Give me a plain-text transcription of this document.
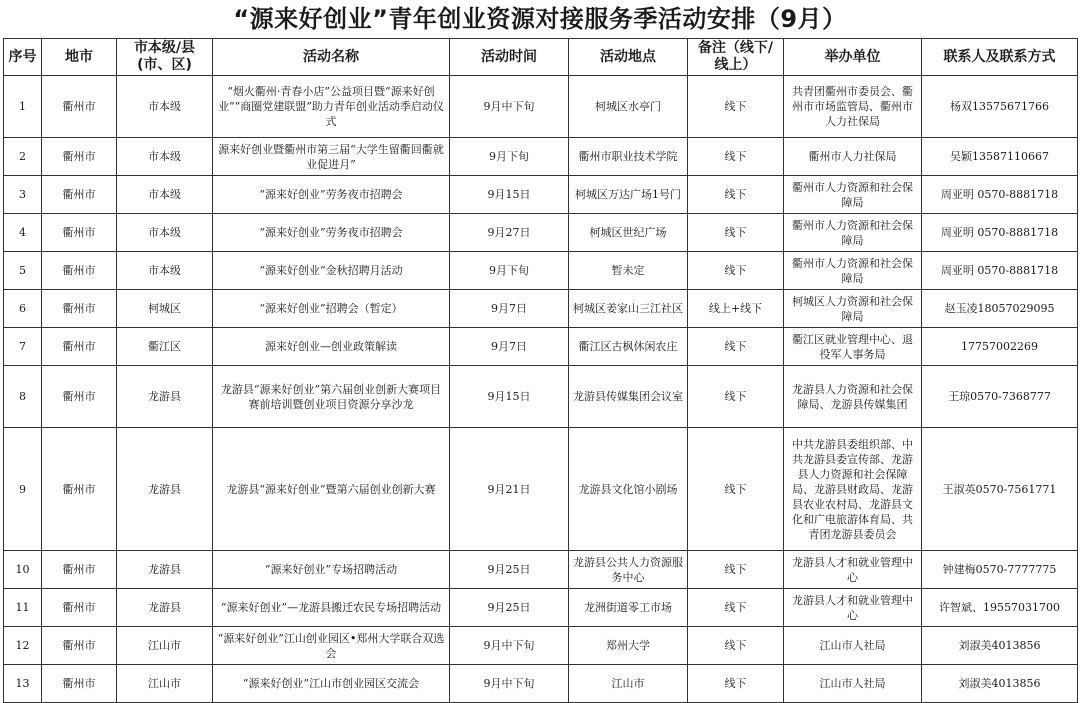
“源来好创业”青年创业资源对接服务季活动安排（9月）
序号	地市	市本级/县(市、区)	活动名称	活动时间	活动地点	备注（线下/线上）	举办单位	联系人及联系方式
1	衢州市	市本级	“烟火衢州·青春小店”公益项目暨“源来好创业”“商圈党建联盟”助力青年创业活动季启动仪式	9月中下旬	柯城区水亭门	线下	共青团衢州市委员会、衢州市市场监管局、衢州市人力社保局	杨双13575671766
2	衢州市	市本级	源来好创业暨衢州市第三届“大学生留衢回衢就业促进月”	9月下旬	衢州市职业技术学院	线下	衢州市人力社保局	吴颖13587110667
3	衢州市	市本级	“源来好创业”劳务夜市招聘会	9月15日	柯城区万达广场1号门	线下	衢州市人力资源和社会保障局	周亚明 0570-8881718
4	衢州市	市本级	“源来好创业”劳务夜市招聘会	9月27日	柯城区世纪广场	线下	衢州市人力资源和社会保障局	周亚明 0570-8881718
5	衢州市	市本级	“源来好创业”金秋招聘月活动	9月下旬	暂未定	线下	衢州市人力资源和社会保障局	周亚明 0570-8881718
6	衢州市	柯城区	“源来好创业”招聘会（暂定）	9月7日	柯城区姜家山三江社区	线上+线下	柯城区人力资源和社会保障局	赵玉凌18057029095
7	衢州市	衢江区	源来好创业—创业政策解读	9月7日	衢江区古枫休闲农庄	线下	衢江区就业管理中心、退役军人事务局	17757002269
8	衢州市	龙游县	龙游县“源来好创业”第六届创业创新大赛项目赛前培训暨创业项目资源分享沙龙	9月15日	龙游县传媒集团会议室	线下	龙游县人力资源和社会保障局、龙游县传媒集团	王琼0570-7368777
9	衢州市	龙游县	龙游县“源来好创业”暨第六届创业创新大赛	9月21日	龙游县文化馆小剧场	线下	中共龙游县委组织部、中共龙游县委宣传部、龙游县人力资源和社会保障局、龙游县财政局、龙游县农业农村局、龙游县文化和广电旅游体育局、共青团龙游县委员会	王淑英0570-7561771
10	衢州市	龙游县	“源来好创业”专场招聘活动	9月25日	龙游县公共人力资源服务中心	线下	龙游县人才和就业管理中心	钟建梅0570-7777775
11	衢州市	龙游县	“源来好创业”—龙游县搬迁农民专场招聘活动	9月25日	龙洲街道零工市场	线下	龙游县人才和就业管理中心	许智斌、19557031700
12	衢州市	江山市	“源来好创业”江山创业园区•郑州大学联合双选会	9月中下旬	郑州大学	线下	江山市人社局	刘淑美4013856
13	衢州市	江山市	“源来好创业”江山市创业园区交流会	9月中下旬	江山市	线下	江山市人社局	刘淑美4013856
